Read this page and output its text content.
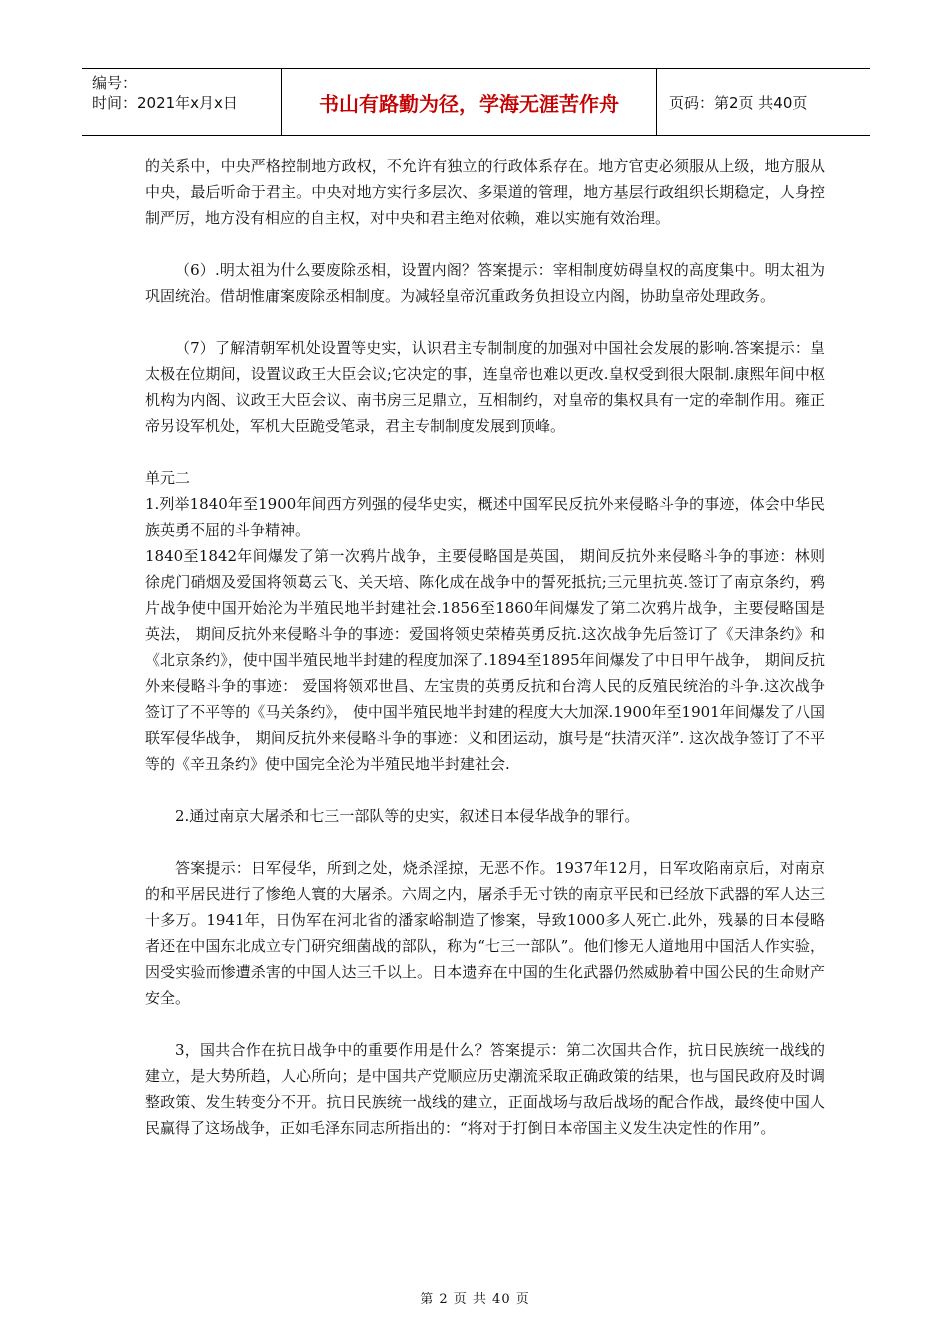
编号：
时间：2021年x月x日	书山有路勤为径，学海无涯苦作舟	页码：第2页 共40页

的关系中，中央严格控制地方政权，不允许有独立的行政体系存在。地方官吏必须服从上级，地方服从中央，最后听命于君主。中央对地方实行多层次、多渠道的管理，地方基层行政组织长期稳定，人身控制严厉，地方没有相应的自主权，对中央和君主绝对依赖，难以实施有效治理。

（6）.明太祖为什么要废除丞相，设置内阁？答案提示：宰相制度妨碍皇权的高度集中。明太祖为巩固统治。借胡惟庸案废除丞相制度。为减轻皇帝沉重政务负担设立内阁，协助皇帝处理政务。

（7）了解清朝军机处设置等史实，认识君主专制制度的加强对中国社会发展的影响.答案提示：皇太极在位期间，设置议政王大臣会议;它决定的事，连皇帝也难以更改.皇权受到很大限制.康熙年间中枢机构为内阁、议政王大臣会议、南书房三足鼎立，互相制约，对皇帝的集权具有一定的牵制作用。雍正帝另设军机处，军机大臣跪受笔录，君主专制制度发展到顶峰。

单元二

1.列举1840年至1900年间西方列强的侵华史实，概述中国军民反抗外来侵略斗争的事迹，体会中华民族英勇不屈的斗争精神。

1840至1842年间爆发了第一次鸦片战争，主要侵略国是英国， 期间反抗外来侵略斗争的事迹：林则徐虎门硝烟及爱国将领葛云飞、关天培、陈化成在战争中的誓死抵抗;三元里抗英.签订了南京条约，鸦片战争使中国开始沦为半殖民地半封建社会.1856至1860年间爆发了第二次鸦片战争，主要侵略国是英法， 期间反抗外来侵略斗争的事迹：爱国将领史荣椿英勇反抗.这次战争先后签订了《天津条约》和《北京条约》，使中国半殖民地半封建的程度加深了.1894至1895年间爆发了中日甲午战争， 期间反抗外来侵略斗争的事迹： 爱国将领邓世昌、左宝贵的英勇反抗和台湾人民的反殖民统治的斗争.这次战争签订了不平等的《马关条约》， 使中国半殖民地半封建的程度大大加深.1900年至1901年间爆发了八国联军侵华战争， 期间反抗外来侵略斗争的事迹：义和团运动，旗号是“扶清灭洋”. 这次战争签订了不平等的《辛丑条约》使中国完全沦为半殖民地半封建社会.

2.通过南京大屠杀和七三一部队等的史实，叙述日本侵华战争的罪行。

答案提示：日军侵华，所到之处，烧杀淫掠，无恶不作。1937年12月，日军攻陷南京后，对南京的和平居民进行了惨绝人寰的大屠杀。六周之内，屠杀手无寸铁的南京平民和已经放下武器的军人达三十多万。1941年，日伪军在河北省的潘家峪制造了惨案，导致1000多人死亡.此外，残暴的日本侵略者还在中国东北成立专门研究细菌战的部队，称为“七三一部队”。他们惨无人道地用中国活人作实验，因受实验而惨遭杀害的中国人达三千以上。日本遗弃在中国的生化武器仍然威胁着中国公民的生命财产安全。

3，国共合作在抗日战争中的重要作用是什么？答案提示：第二次国共合作，抗日民族统一战线的建立，是大势所趋，人心所向；是中国共产党顺应历史潮流采取正确政策的结果，也与国民政府及时调整政策、发生转变分不开。抗日民族统一战线的建立，正面战场与敌后战场的配合作战，最终使中国人民赢得了这场战争，正如毛泽东同志所指出的：“将对于打倒日本帝国主义发生决定性的作用”。

第 2 页 共 40 页
